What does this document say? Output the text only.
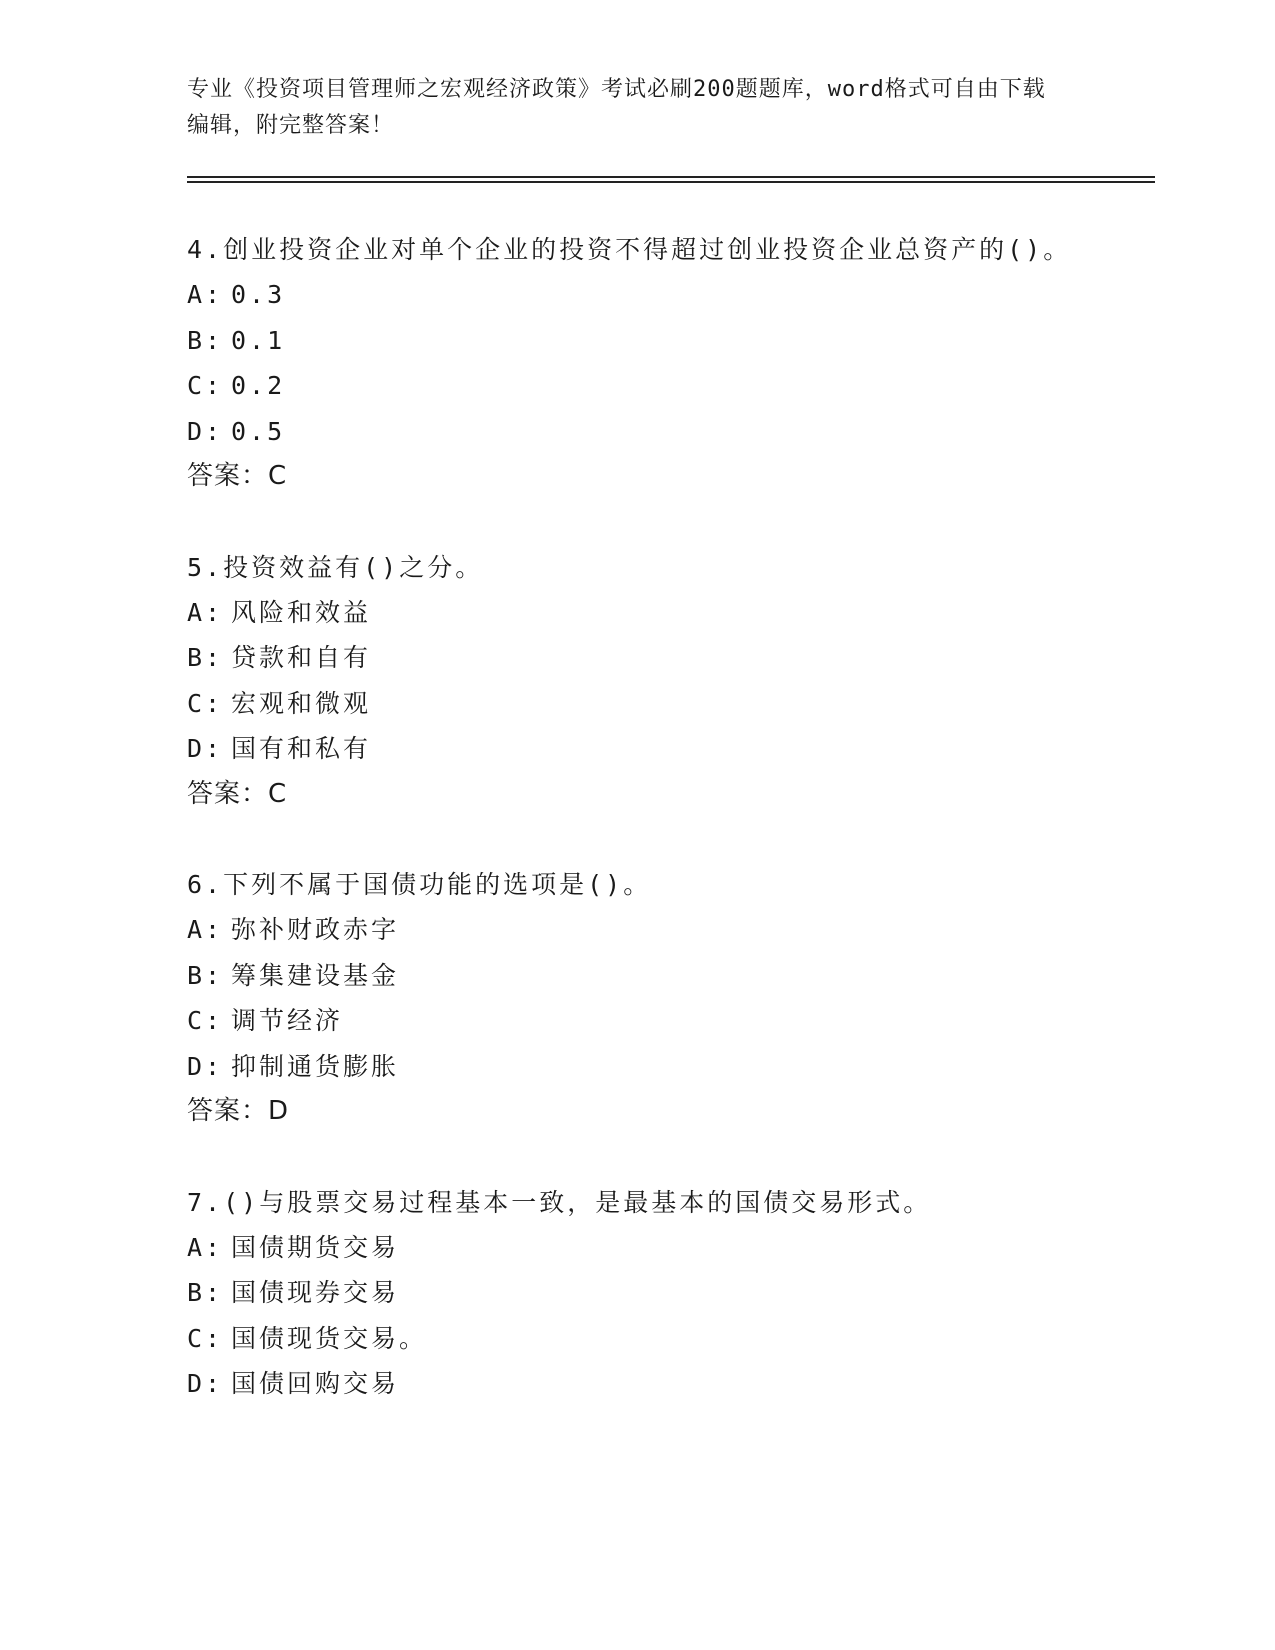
专业《投资项目管理师之宏观经济政策》考试必刷200题题库，word格式可自由下载编辑，附完整答案！

4.创业投资企业对单个企业的投资不得超过创业投资企业总资产的()。

A: 0.3

B: 0.1

C: 0.2

D: 0.5

答案：C

5.投资效益有()之分。

A: 风险和效益

B: 贷款和自有

C: 宏观和微观

D: 国有和私有

答案：C

6.下列不属于国债功能的选项是()。

A: 弥补财政赤字

B: 筹集建设基金

C: 调节经济

D: 抑制通货膨胀

答案：D

7.()与股票交易过程基本一致，是最基本的国债交易形式。

A: 国债期货交易

B: 国债现券交易

C: 国债现货交易。

D: 国债回购交易
